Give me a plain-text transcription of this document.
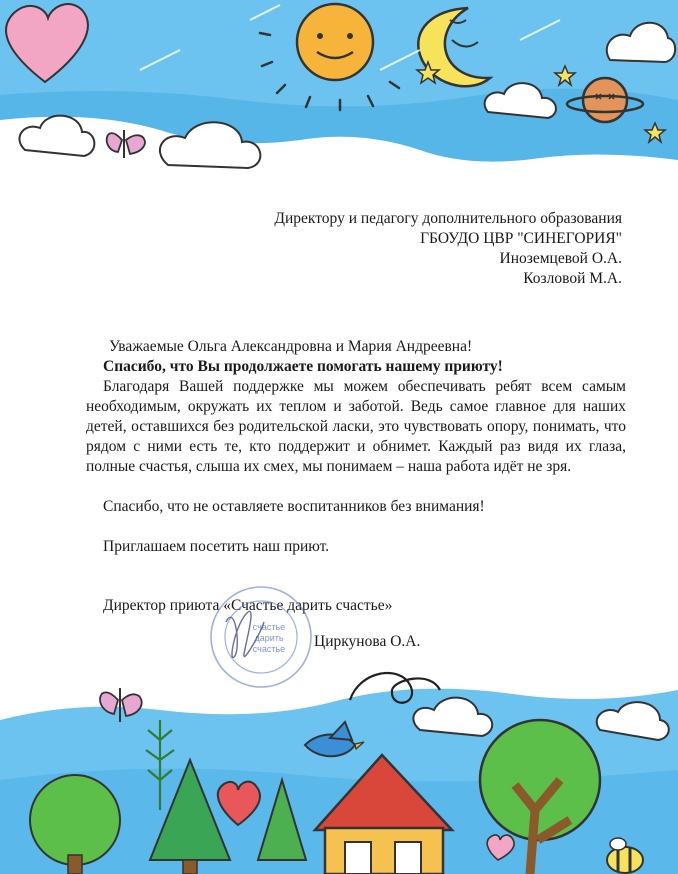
Директору и педагогу дополнительного образования
ГБОУДО ЦВР "СИНЕГОРИЯ"
Иноземцевой О.А.
Козловой М.А.

Уважаемые Ольга Александровна и Мария Андреевна!

Спасибо, что Вы продолжаете помогать нашему приюту!

Благодаря Вашей поддержке мы можем обеспечивать ребят всем самым необходимым, окружать их теплом и заботой. Ведь самое главное для наших детей, оставшихся без родительской ласки, это чувствовать опору, понимать, что рядом с ними есть те, кто поддержит и обнимет. Каждый раз видя их глаза, полные счастья, слыша их смех, мы понимаем – наша работа идёт не зря.

Спасибо, что не оставляете воспитанников без внимания!

Приглашаем посетить наш приют.

Директор приюта «Счастье дарить счастье»
Циркунова О.А.
счастье
дарить
счастье
